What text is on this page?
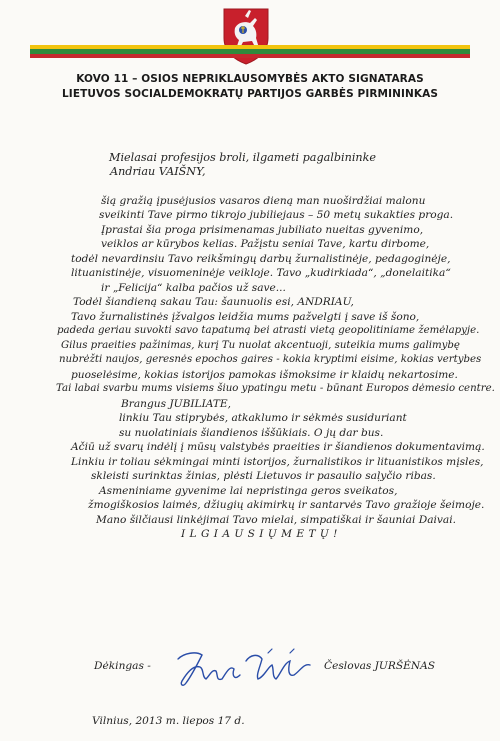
KOVO 11 – OSIOS NEPRIKLAUSOMYBĖS AKTO SIGNATARAS
LIETUVOS SOCIALDEMOKRATŲ PARTIJOS GARBĖS PIRMININKAS
Mielasai profesijos broli, ilgameti pagalbininke
Andriau VAIŠNY,
šią gražią įpusėjusios vasaros dieną man nuoširdžiai malonu
sveikinti Tave pirmo tikrojo jubiliejaus – 50 metų sukakties proga.
Įprastai šia proga prisimenamas jubiliato nueitas gyvenimo,
veiklos ar kūrybos kelias. Pažįstu seniai Tave, kartu dirbome,
todėl nevardinsiu Tavo reikšmingų darbų žurnalistinėje, pedagoginėje,
lituanistinėje, visuomeninėje veikloje. Tavo „kudirkiada“, „donelaitika“
ir „Felicija“ kalba pačios už save...
Todėl šiandieną sakau Tau: šaunuolis esi, ANDRIAU,
Tavo žurnalistinės įžvalgos leidžia mums pažvelgti į save iš šono,
padeda geriau suvokti savo tapatumą bei atrasti vietą geopolitiniame žemėlapyje.
Gilus praeities pažinimas, kurį Tu nuolat akcentuoji, suteikia mums galimybę
nubrėžti naujos, geresnės epochos gaires - kokia kryptimi eisime, kokias vertybes
puoselėsime, kokias istorijos pamokas išmoksime ir klaidų nekartosime.
Tai labai svarbu mums visiems šiuo ypatingu metu - būnant Europos dėmesio centre.
Brangus JUBILIATE,
linkiu Tau stiprybės, atkaklumo ir sėkmės susiduriant
su nuolatiniais šiandienos iššūkiais. O jų dar bus.
Ačiū už svarų indėlį į mūsų valstybės praeities ir šiandienos dokumentavimą.
Linkiu ir toliau sėkmingai minti istorijos, žurnalistikos ir lituanistikos mįsles,
skleisti surinktas žinias, plėsti Lietuvos ir pasaulio saļyčio ribas.
Asmeniniame gyvenime lai nepristinga geros sveikatos,
žmogiškosios laimės, džiugių akimirkų ir santarvės Tavo gražioje šeimoje.
Mano šilčiausi linkėjimai Tavo mielai, simpatiškai ir šauniai Daivai.
I L G I A U S I Ų M E T Ų !
Dėkingas -	Česlovas JURŠĖNAS
Vilnius, 2013 m. liepos 17 d.
